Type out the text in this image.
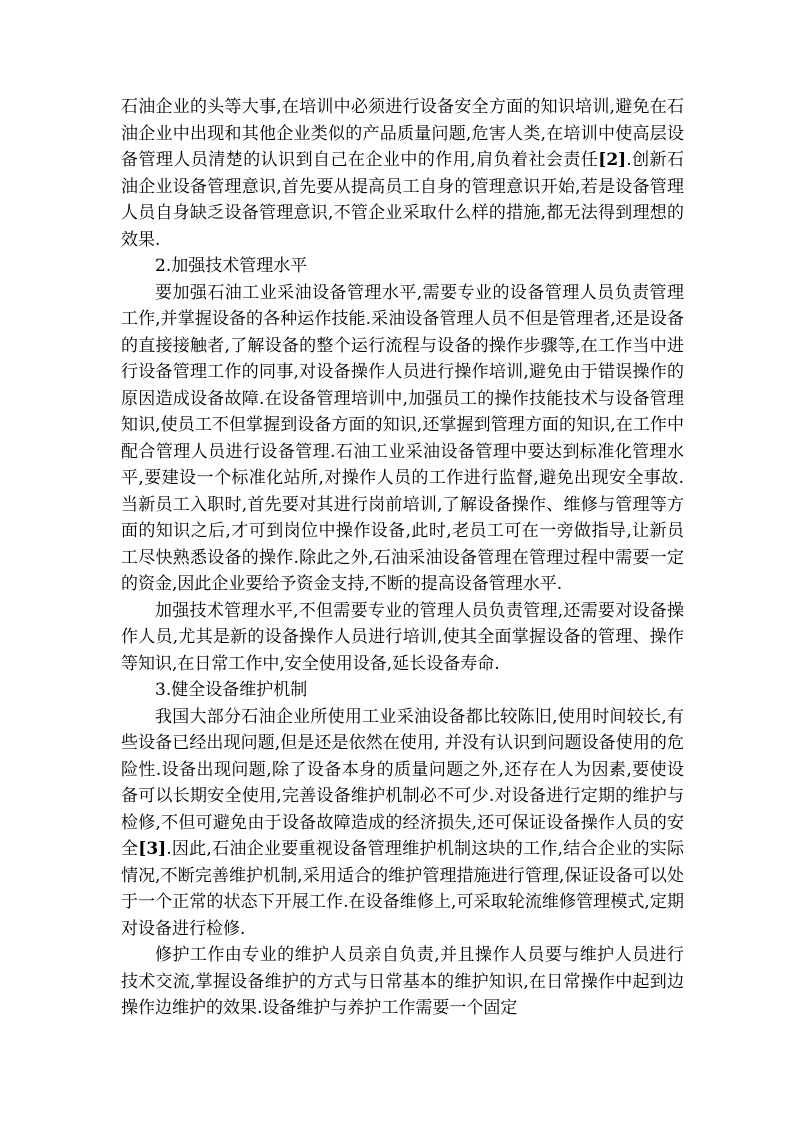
石油企业的头等大事,在培训中必须进行设备安全方面的知识培训,避免在石油企业中出现和其他企业类似的产品质量问题,危害人类,在培训中使高层设备管理人员清楚的认识到自己在企业中的作用,肩负着社会责任[2].创新石油企业设备管理意识,首先要从提高员工自身的管理意识开始,若是设备管理人员自身缺乏设备管理意识,不管企业采取什么样的措施,都无法得到理想的效果.

2.加强技术管理水平

要加强石油工业采油设备管理水平,需要专业的设备管理人员负责管理工作,并掌握设备的各种运作技能.采油设备管理人员不但是管理者,还是设备的直接接触者,了解设备的整个运行流程与设备的操作步骤等,在工作当中进行设备管理工作的同事,对设备操作人员进行操作培训,避免由于错误操作的原因造成设备故障.在设备管理培训中,加强员工的操作技能技术与设备管理知识,使员工不但掌握到设备方面的知识,还掌握到管理方面的知识,在工作中配合管理人员进行设备管理.石油工业采油设备管理中要达到标准化管理水平,要建设一个标准化站所,对操作人员的工作进行监督,避免出现安全事故.当新员工入职时,首先要对其进行岗前培训,了解设备操作、维修与管理等方面的知识之后,才可到岗位中操作设备,此时,老员工可在一旁做指导,让新员工尽快熟悉设备的操作.除此之外,石油采油设备管理在管理过程中需要一定的资金,因此企业要给予资金支持,不断的提高设备管理水平.

加强技术管理水平,不但需要专业的管理人员负责管理,还需要对设备操作人员,尤其是新的设备操作人员进行培训,使其全面掌握设备的管理、操作等知识,在日常工作中,安全使用设备,延长设备寿命.

3.健全设备维护机制

我国大部分石油企业所使用工业采油设备都比较陈旧,使用时间较长,有些设备已经出现问题,但是还是依然在使用, 并没有认识到问题设备使用的危险性.设备出现问题,除了设备本身的质量问题之外,还存在人为因素,要使设备可以长期安全使用,完善设备维护机制必不可少.对设备进行定期的维护与检修,不但可避免由于设备故障造成的经济损失,还可保证设备操作人员的安全[3].因此,石油企业要重视设备管理维护机制这块的工作,结合企业的实际情况,不断完善维护机制,采用适合的维护管理措施进行管理,保证设备可以处于一个正常的状态下开展工作.在设备维修上,可采取轮流维修管理模式,定期对设备进行检修.

修护工作由专业的维护人员亲自负责,并且操作人员要与维护人员进行技术交流,掌握设备维护的方式与日常基本的维护知识,在日常操作中起到边操作边维护的效果.设备维护与养护工作需要一个固定
